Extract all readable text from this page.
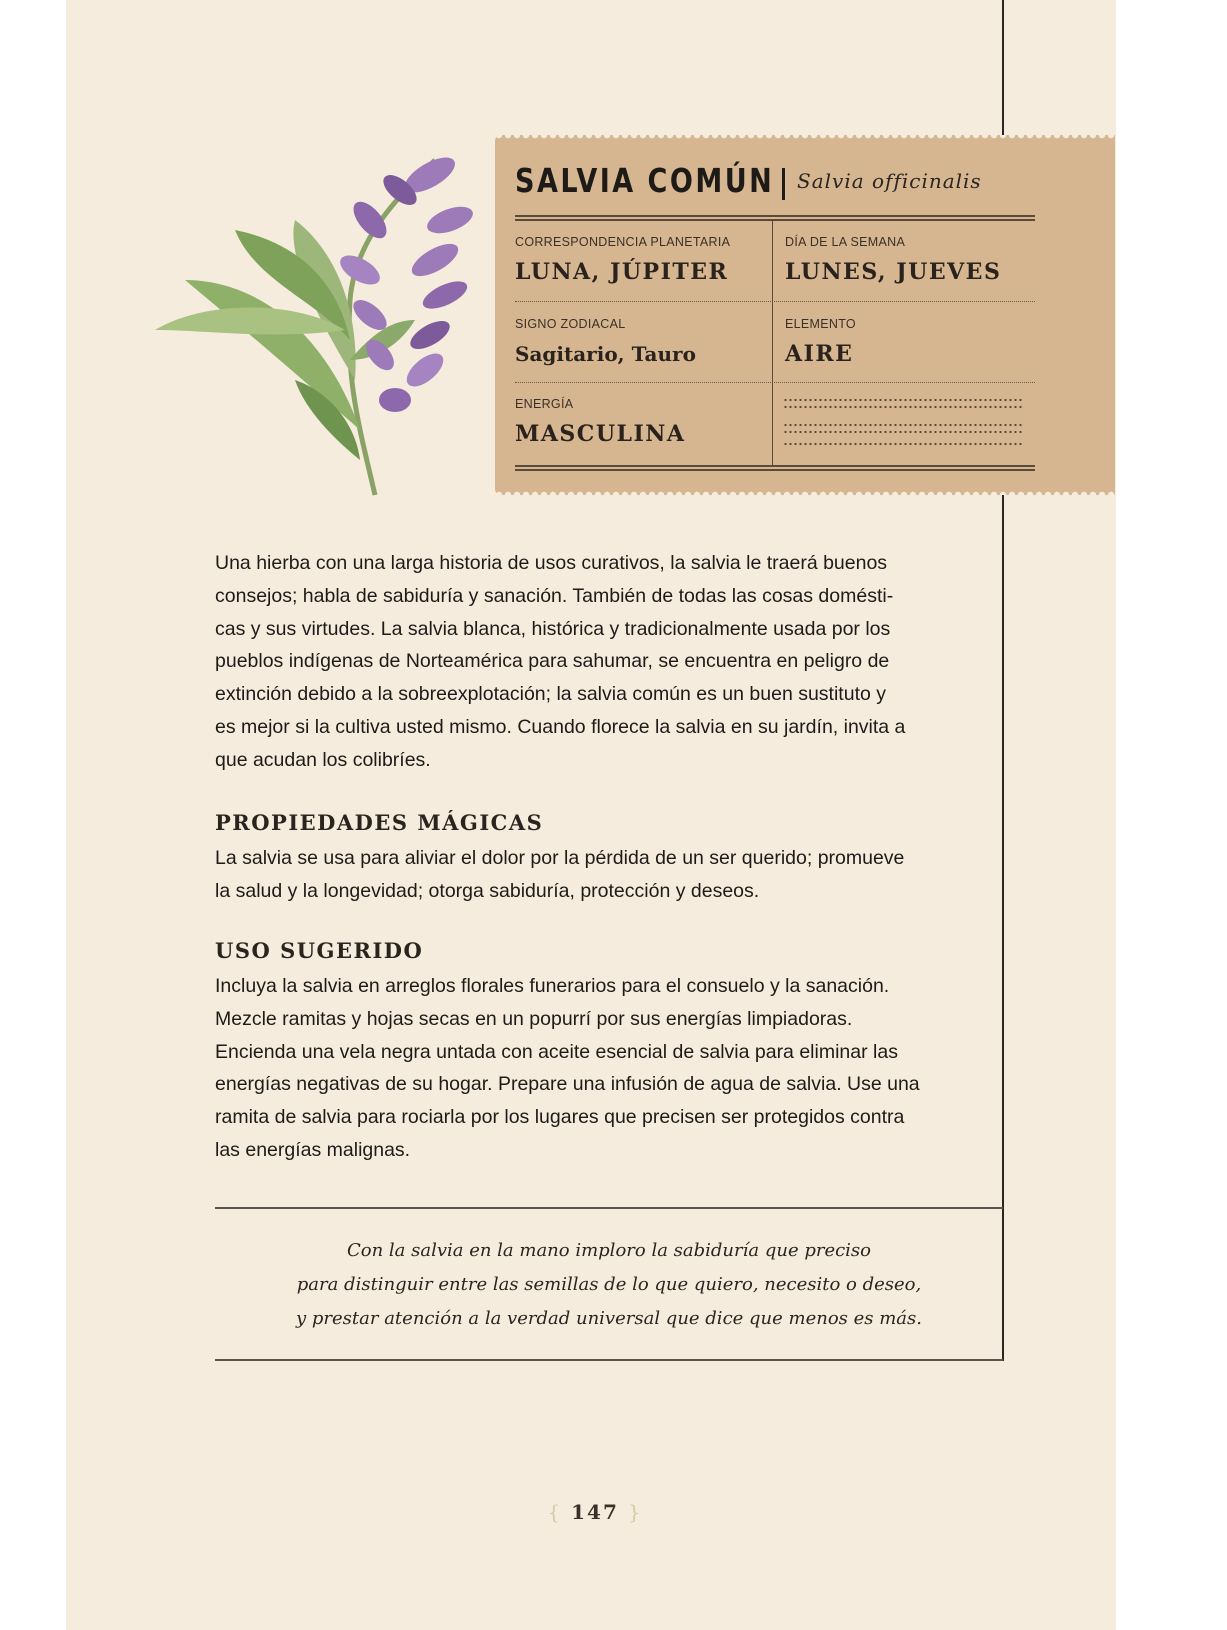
SALVIA COMÚN Salvia officinalis
CORRESPONDENCIA PLANETARIA
LUNA, JÚPITER
DÍA DE LA SEMANA
LUNES, JUEVES
SIGNO ZODIACAL
Sagitario, Tauro
ELEMENTO
AIRE
ENERGÍA
MASCULINA
Una hierba con una larga historia de usos curativos, la salvia le traerá buenos
consejos; habla de sabiduría y sanación. También de todas las cosas domésti-
cas y sus virtudes. La salvia blanca, histórica y tradicionalmente usada por los
pueblos indígenas de Norteamérica para sahumar, se encuentra en peligro de
extinción debido a la sobreexplotación; la salvia común es un buen sustituto y
es mejor si la cultiva usted mismo. Cuando florece la salvia en su jardín, invita a
que acudan los colibríes.
PROPIEDADES MÁGICAS
La salvia se usa para aliviar el dolor por la pérdida de un ser querido; promueve
la salud y la longevidad; otorga sabiduría, protección y deseos.
USO SUGERIDO
Incluya la salvia en arreglos florales funerarios para el consuelo y la sanación.
Mezcle ramitas y hojas secas en un popurrí por sus energías limpiadoras.
Encienda una vela negra untada con aceite esencial de salvia para eliminar las
energías negativas de su hogar. Prepare una infusión de agua de salvia. Use una
ramita de salvia para rociarla por los lugares que precisen ser protegidos contra
las energías malignas.
Con la salvia en la mano imploro la sabiduría que preciso
para distinguir entre las semillas de lo que quiero, necesito o deseo,
y prestar atención a la verdad universal que dice que menos es más.
{ 147 }
